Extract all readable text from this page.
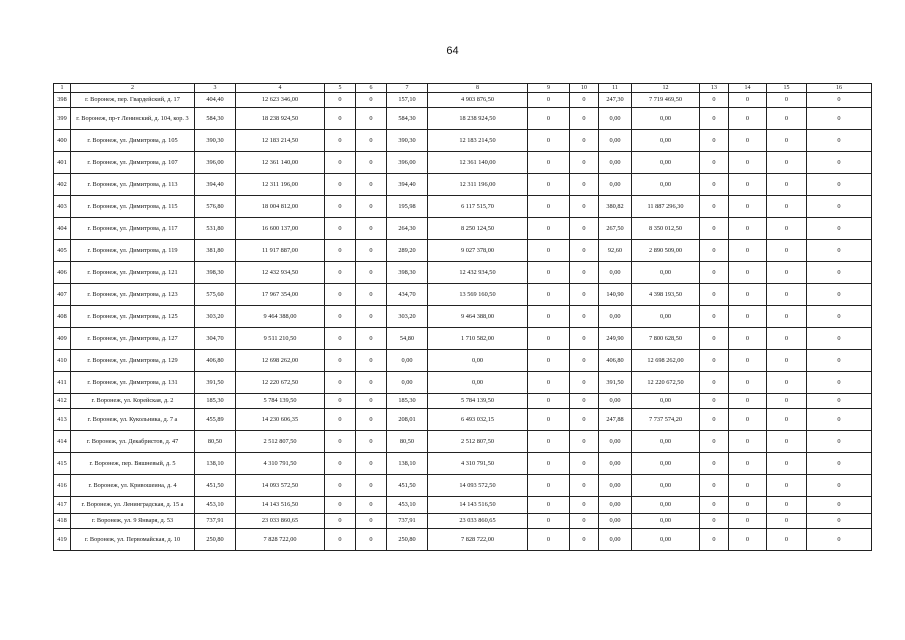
64
1	2	3	4	5	6	7	8	9	10	11	12	13	14	15	16
398	г. Воронеж, пер. Гвардейский, д. 17	404,40	12 623 346,00	0	0	157,10	4 903 876,50	0	0	247,30	7 719 469,50	0	0	0	0
399	г. Воронеж, пр-т Ленинский, д. 104, кор. 3	584,30	18 238 924,50	0	0	584,30	18 238 924,50	0	0	0,00	0,00	0	0	0	0
400	г. Воронеж, ул. Димитрова, д. 105	390,30	12 183 214,50	0	0	390,30	12 183 214,50	0	0	0,00	0,00	0	0	0	0
401	г. Воронеж, ул. Димитрова, д. 107	396,00	12 361 140,00	0	0	396,00	12 361 140,00	0	0	0,00	0,00	0	0	0	0
402	г. Воронеж, ул. Димитрова, д. 113	394,40	12 311 196,00	0	0	394,40	12 311 196,00	0	0	0,00	0,00	0	0	0	0
403	г. Воронеж, ул. Димитрова, д. 115	576,80	18 004 812,00	0	0	195,98	6 117 515,70	0	0	380,82	11 887 296,30	0	0	0	0
404	г. Воронеж, ул. Димитрова, д. 117	531,80	16 600 137,00	0	0	264,30	8 250 124,50	0	0	267,50	8 350 012,50	0	0	0	0
405	г. Воронеж, ул. Димитрова, д. 119	381,80	11 917 887,00	0	0	289,20	9 027 378,00	0	0	92,60	2 890 509,00	0	0	0	0
406	г. Воронеж, ул. Димитрова, д. 121	398,30	12 432 934,50	0	0	398,30	12 432 934,50	0	0	0,00	0,00	0	0	0	0
407	г. Воронеж, ул. Димитрова, д. 123	575,60	17 967 354,00	0	0	434,70	13 569 160,50	0	0	140,90	4 398 193,50	0	0	0	0
408	г. Воронеж, ул. Димитрова, д. 125	303,20	9 464 388,00	0	0	303,20	9 464 388,00	0	0	0,00	0,00	0	0	0	0
409	г. Воронеж, ул. Димитрова, д. 127	304,70	9 511 210,50	0	0	54,80	1 710 582,00	0	0	249,90	7 800 628,50	0	0	0	0
410	г. Воронеж, ул. Димитрова, д. 129	406,80	12 698 262,00	0	0	0,00	0,00	0	0	406,80	12 698 262,00	0	0	0	0
411	г. Воронеж, ул. Димитрова, д. 131	391,50	12 220 672,50	0	0	0,00	0,00	0	0	391,50	12 220 672,50	0	0	0	0
412	г. Воронеж, ул. Корейская, д. 2	185,30	5 784 139,50	0	0	185,30	5 784 139,50	0	0	0,00	0,00	0	0	0	0
413	г. Воронеж, ул. Кукольника, д. 7 а	455,89	14 230 606,35	0	0	208,01	6 493 032,15	0	0	247,88	7 737 574,20	0	0	0	0
414	г. Воронеж, ул. Декабристов, д. 47	80,50	2 512 807,50	0	0	80,50	2 512 807,50	0	0	0,00	0,00	0	0	0	0
415	г. Воронеж, пер. Вяшневый, д. 5	138,10	4 310 791,50	0	0	138,10	4 310 791,50	0	0	0,00	0,00	0	0	0	0
416	г. Воронеж, ул. Кривошеина, д. 4	451,50	14 093 572,50	0	0	451,50	14 093 572,50	0	0	0,00	0,00	0	0	0	0
417	г. Воронеж, ул. Ленинградская, д. 15 а	453,10	14 143 516,50	0	0	453,10	14 143 516,50	0	0	0,00	0,00	0	0	0	0
418	г. Воронеж, ул. 9 Января, д. 53	737,91	23 033 860,65	0	0	737,91	23 033 860,65	0	0	0,00	0,00	0	0	0	0
419	г. Воронеж, ул. Первомайская, д. 10	250,80	7 828 722,00	0	0	250,80	7 828 722,00	0	0	0,00	0,00	0	0	0	0
